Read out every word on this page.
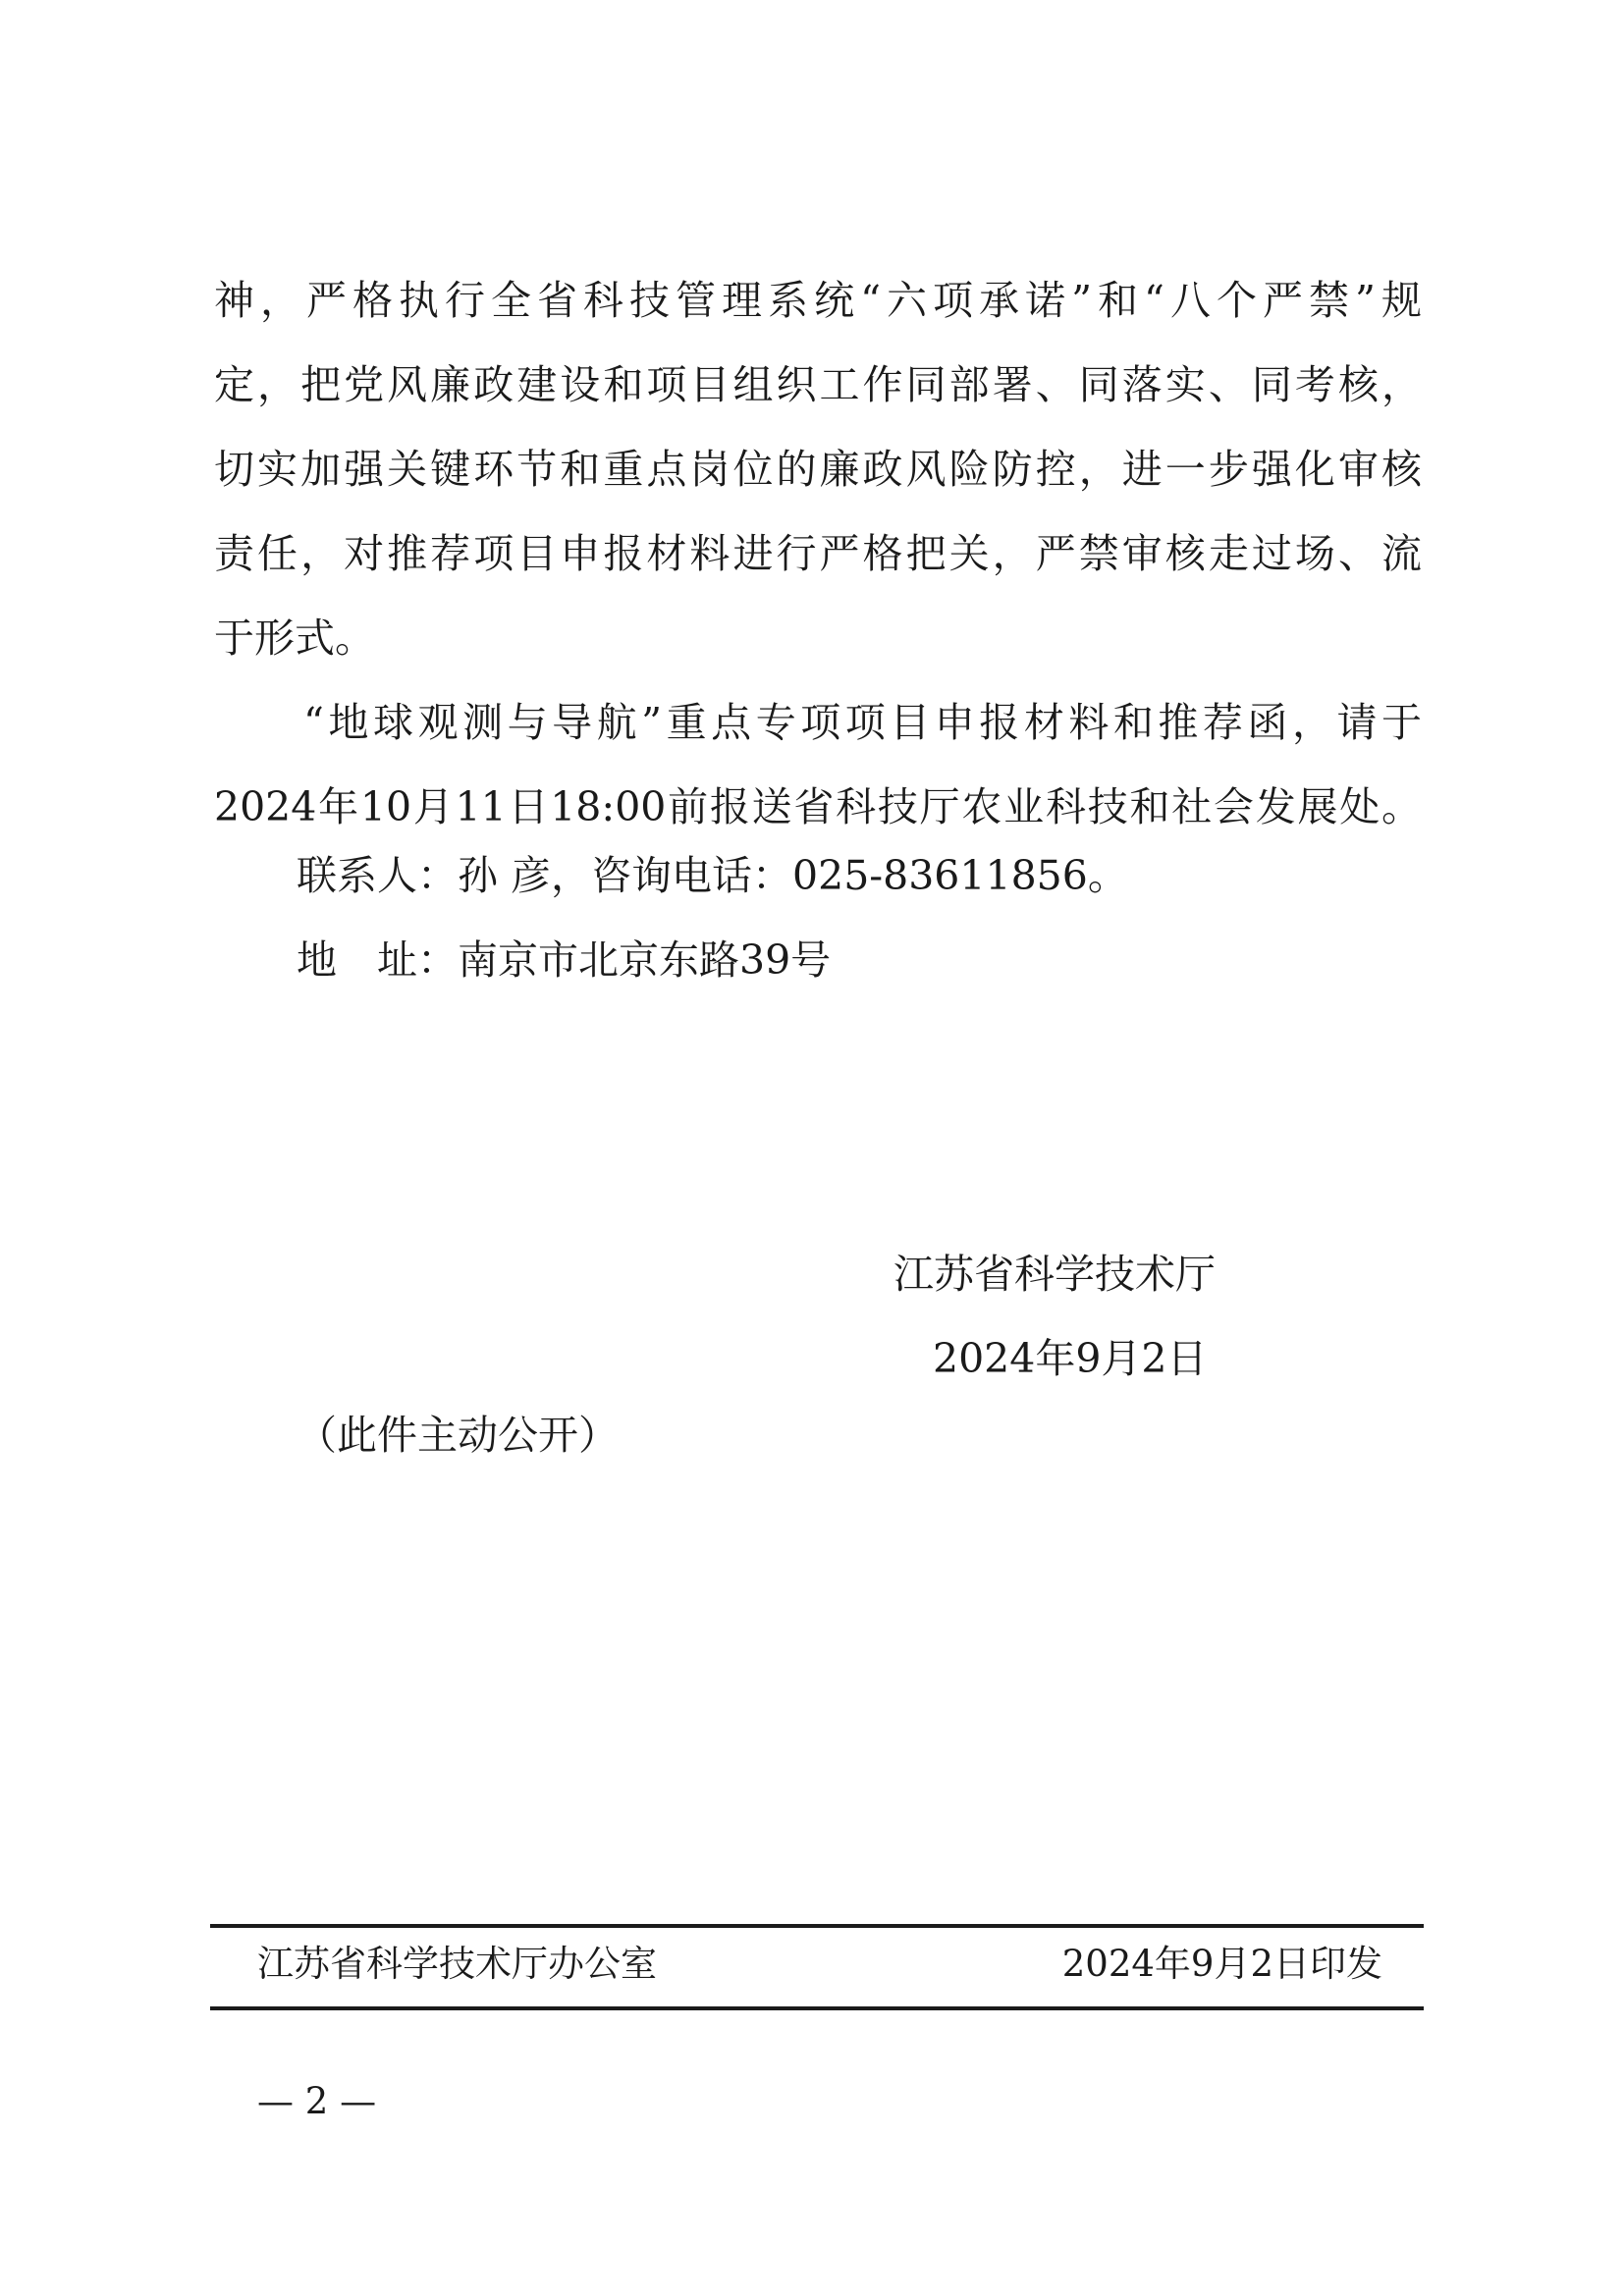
神，严格执行全省科技管理系统“六项承诺”和“八个严禁”规
定，把党风廉政建设和项目组织工作同部署、同落实、同考核，
切实加强关键环节和重点岗位的廉政风险防控，进一步强化审核
责任，对推荐项目申报材料进行严格把关，严禁审核走过场、流
于形式。
　　“地球观测与导航”重点专项项目申报材料和推荐函，请于
2024年10月11日18:00前报送省科技厅农业科技和社会发展处。
联系人：孙 彦，咨询电话：025-83611856。
地　址：南京市北京东路39号
江苏省科学技术厅
2024年9月2日
（此件主动公开）
江苏省科学技术厅办公室	2024年9月2日印发
— 2 —
